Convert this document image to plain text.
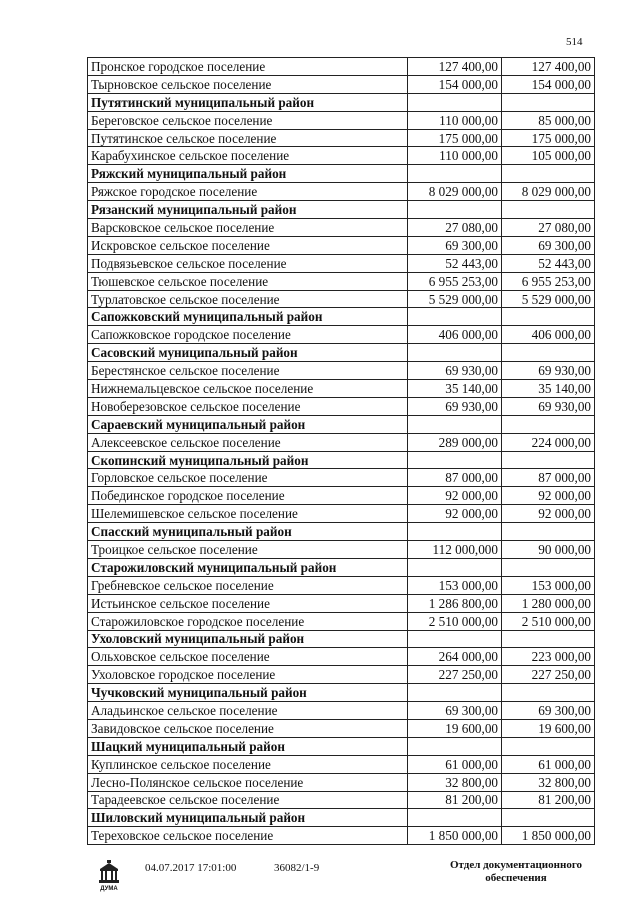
514
Пронское городское поселение	127 400,00	127 400,00
Тырновское сельское поселение	154 000,00	154 000,00
Путятинский муниципальный район		
Береговское сельское поселение	110 000,00	85 000,00
Путятинское сельское поселение	175 000,00	175 000,00
Карабухинское сельское поселение	110 000,00	105 000,00
Ряжский муниципальный район		
Ряжское городское поселение	8 029 000,00	8 029 000,00
Рязанский муниципальный район		
Варсковское сельское поселение	27 080,00	27 080,00
Искровское сельское поселение	69 300,00	69 300,00
Подвязьевское сельское поселение	52 443,00	52 443,00
Тюшевское сельское поселение	6 955 253,00	6 955 253,00
Турлатовское сельское поселение	5 529 000,00	5 529 000,00
Сапожковский муниципальный район		
Сапожковское городское поселение	406 000,00	406 000,00
Сасовский муниципальный район		
Берестянское сельское поселение	69 930,00	69 930,00
Нижнемальцевское сельское поселение	35 140,00	35 140,00
Новоберезовское сельское поселение	69 930,00	69 930,00
Сараевский муниципальный район		
Алексеевское сельское поселение	289 000,00	224 000,00
Скопинский муниципальный район		
Горловское сельское поселение	87 000,00	87 000,00
Побединское городское поселение	92 000,00	92 000,00
Шелемишевское сельское поселение	92 000,00	92 000,00
Спасский муниципальный район		
Троицкое сельское поселение	112 000,000	90 000,00
Старожиловский муниципальный район		
Гребневское сельское поселение	153 000,00	153 000,00
Истьинское сельское поселение	1 286 800,00	1 280 000,00
Старожиловское городское поселение	2 510 000,00	2 510 000,00
Ухоловский муниципальный район		
Ольховское сельское поселение	264 000,00	223 000,00
Ухоловское городское поселение	227 250,00	227 250,00
Чучковский муниципальный район		
Аладьинское сельское поселение	69 300,00	69 300,00
Завидовское сельское поселение	19 600,00	19 600,00
Шацкий муниципальный район		
Куплинское сельское поселение	61 000,00	61 000,00
Лесно-Полянское сельское поселение	32 800,00	32 800,00
Тарадеевское сельское поселение	81 200,00	81 200,00
Шиловский муниципальный район		
Тереховское сельское поселение	1 850 000,00	1 850 000,00
ДУМА
04.07.2017 17:01:00	36082/1-9	Отдел документационного
обеспечения
